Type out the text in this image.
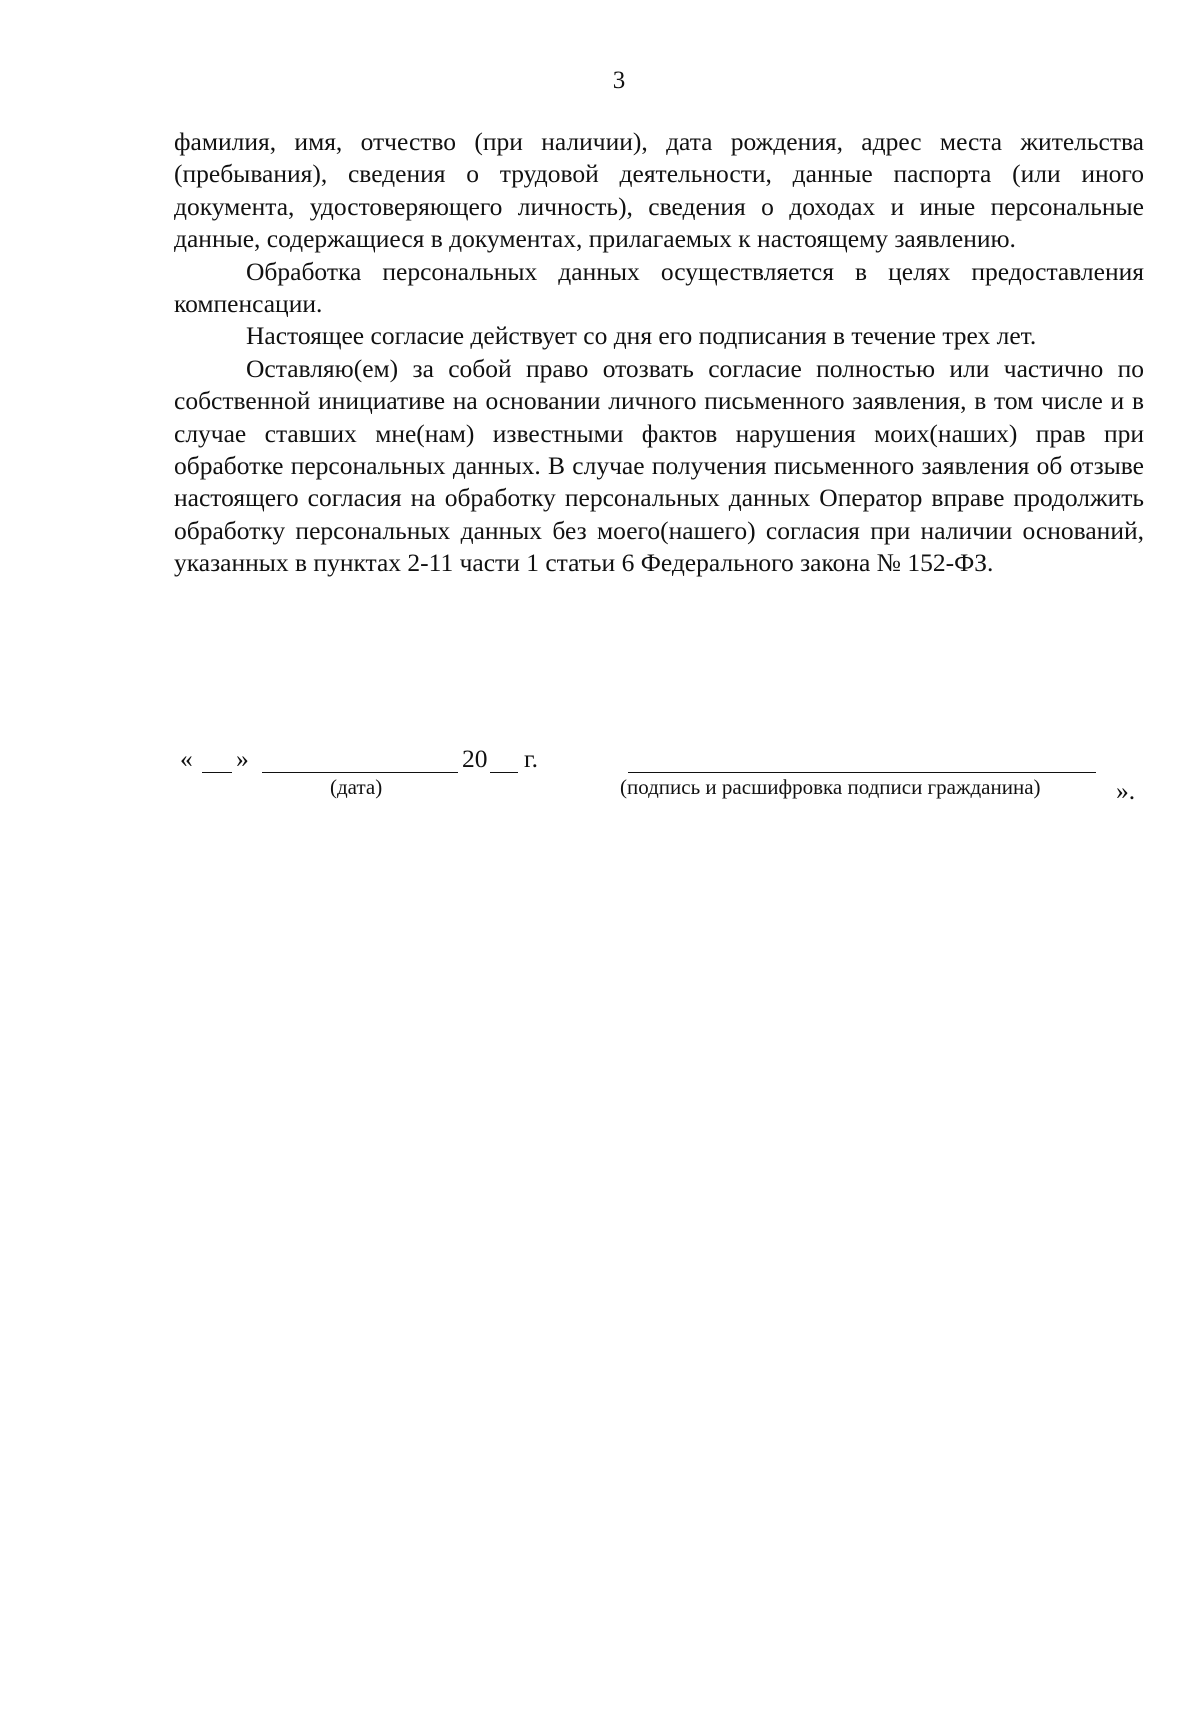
3

фамилия, имя, отчество (при наличии), дата рождения, адрес места жительства (пребывания), сведения о трудовой деятельности, данные паспорта (или иного документа, удостоверяющего личность), сведения о доходах и иные персональные данные, содержащиеся в документах, прилагаемых к настоящему заявлению.

Обработка персональных данных осуществляется в целях предоставления компенсации.

Настоящее согласие действует со дня его подписания в течение трех лет.

Оставляю(ем) за собой право отозвать согласие полностью или частично по собственной инициативе на основании личного письменного заявления, в том числе и в случае ставших мне(нам) известными фактов нарушения моих(наших) прав при обработке персональных данных. В случае получения письменного заявления об отзыве настоящего согласия на обработку персональных данных Оператор вправе продолжить обработку персональных данных без моего(нашего) согласия при наличии оснований, указанных в пунктах 2-11 части 1 статьи 6 Федерального закона № 152-ФЗ.

« »	20 г.
(дата)	(подпись и расшифровка подписи гражданина)	».
